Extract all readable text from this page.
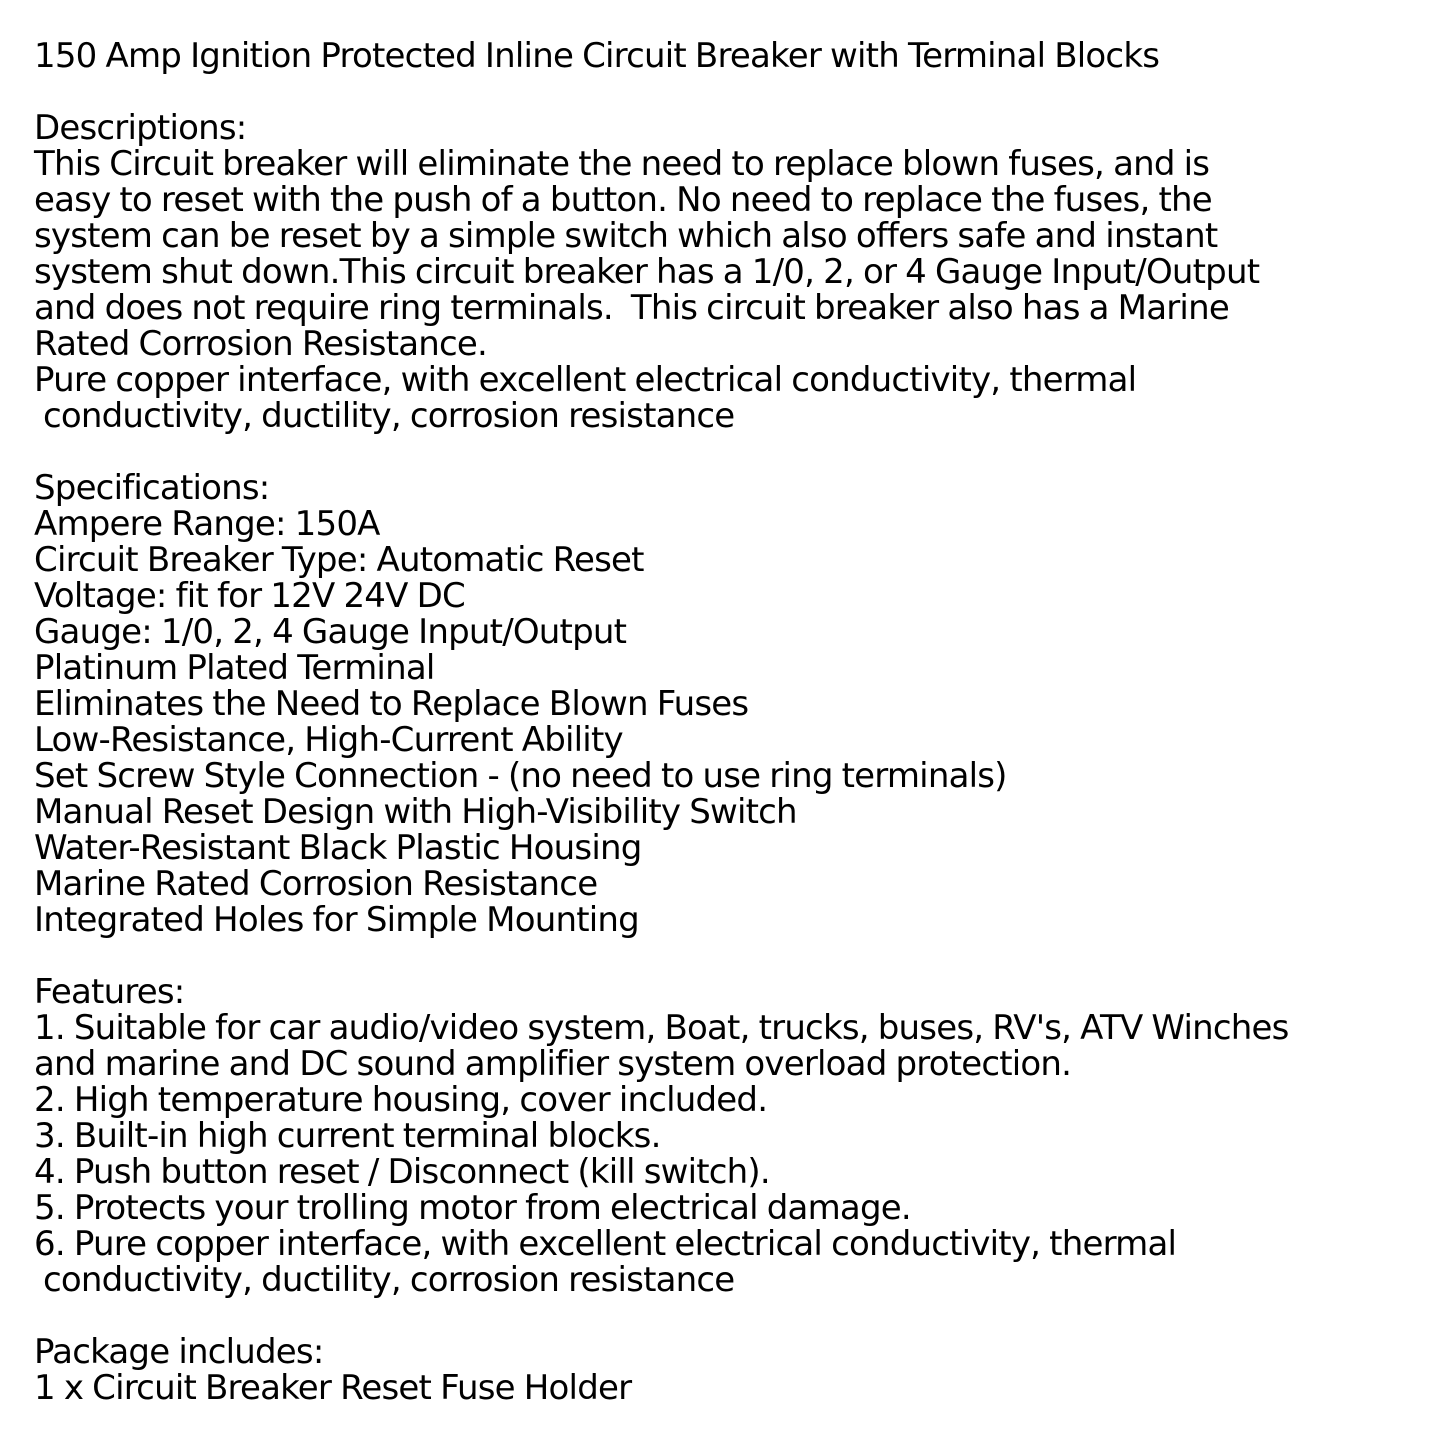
150 Amp Ignition Protected Inline Circuit Breaker with Terminal Blocks
Descriptions:
This Circuit breaker will eliminate the need to replace blown fuses, and is
easy to reset with the push of a button. No need to replace the fuses, the
system can be reset by a simple switch which also offers safe and instant
system shut down.This circuit breaker has a 1/0, 2, or 4 Gauge Input/Output
and does not require ring terminals.  This circuit breaker also has a Marine
Rated Corrosion Resistance.
Pure copper interface, with excellent electrical conductivity, thermal
conductivity, ductility, corrosion resistance
Specifications:
Ampere Range: 150A
Circuit Breaker Type: Automatic Reset
Voltage: fit for 12V 24V DC
Gauge: 1/0, 2, 4 Gauge Input/Output
Platinum Plated Terminal
Eliminates the Need to Replace Blown Fuses
Low-Resistance, High-Current Ability
Set Screw Style Connection - (no need to use ring terminals)
Manual Reset Design with High-Visibility Switch
Water-Resistant Black Plastic Housing
Marine Rated Corrosion Resistance
Integrated Holes for Simple Mounting
Features:
1. Suitable for car audio/video system, Boat, trucks, buses, RV's, ATV Winches
and marine and DC sound amplifier system overload protection.
2. High temperature housing, cover included.
3. Built-in high current terminal blocks.
4. Push button reset / Disconnect (kill switch).
5. Protects your trolling motor from electrical damage.
6. Pure copper interface, with excellent electrical conductivity, thermal
conductivity, ductility, corrosion resistance
Package includes:
1 x Circuit Breaker Reset Fuse Holder
